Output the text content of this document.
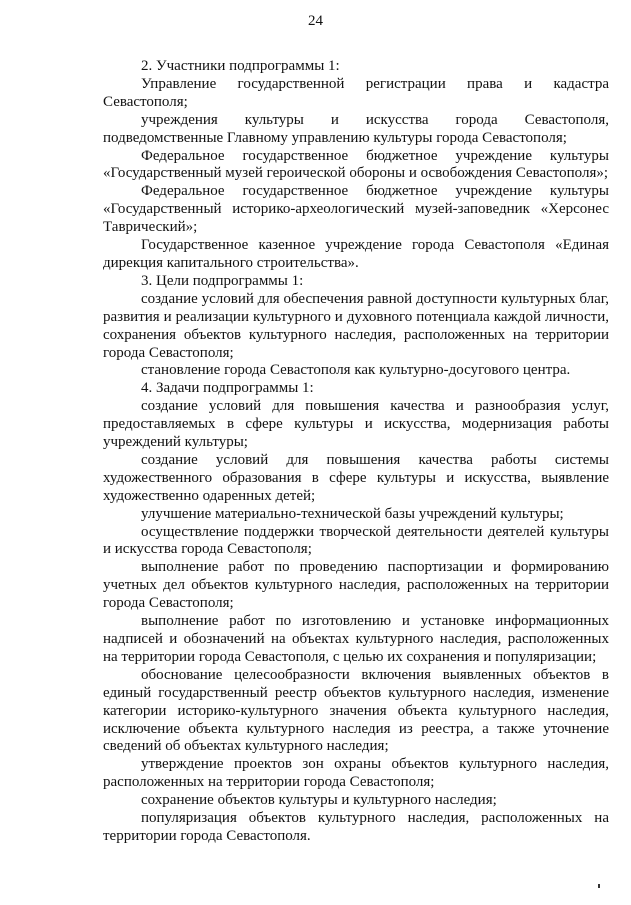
24

2. Участники подпрограммы 1:

Управление государственной регистрации права и кадастра Севастополя;

учреждения культуры и искусства города Севастополя, подведомственные Главному управлению культуры города Севастополя;

Федеральное государственное бюджетное учреждение культуры «Государственный музей героической обороны и освобождения Севастополя»;

Федеральное государственное бюджетное учреждение культуры «Государственный историко-археологический музей-заповедник «Херсонес Таврический»;

Государственное казенное учреждение города Севастополя «Единая дирекция капитального строительства».

3. Цели подпрограммы 1:

создание условий для обеспечения равной доступности культурных благ, развития и реализации культурного и духовного потенциала каждой личности, сохранения объектов культурного наследия, расположенных на территории города Севастополя;

становление города Севастополя как культурно-досугового центра.

4. Задачи подпрограммы 1:

создание условий для повышения качества и разнообразия услуг, предоставляемых в сфере культуры и искусства, модернизация работы учреждений культуры;

создание условий для повышения качества работы системы художественного образования в сфере культуры и искусства, выявление художественно одаренных детей;

улучшение материально-технической базы учреждений культуры;

осуществление поддержки творческой деятельности деятелей культуры и искусства города Севастополя;

выполнение работ по проведению паспортизации и формированию учетных дел объектов культурного наследия, расположенных на территории города Севастополя;

выполнение работ по изготовлению и установке информационных надписей и обозначений на объектах культурного наследия, расположенных на территории города Севастополя, с целью их сохранения и популяризации;

обоснование целесообразности включения выявленных объектов в единый государственный реестр объектов культурного наследия, изменение категории историко-культурного значения объекта культурного наследия, исключение объекта культурного наследия из реестра, а также уточнение сведений об объектах культурного наследия;

утверждение проектов зон охраны объектов культурного наследия, расположенных на территории города Севастополя;

сохранение объектов культуры и культурного наследия;

популяризация объектов культурного наследия, расположенных на территории города Севастополя.
